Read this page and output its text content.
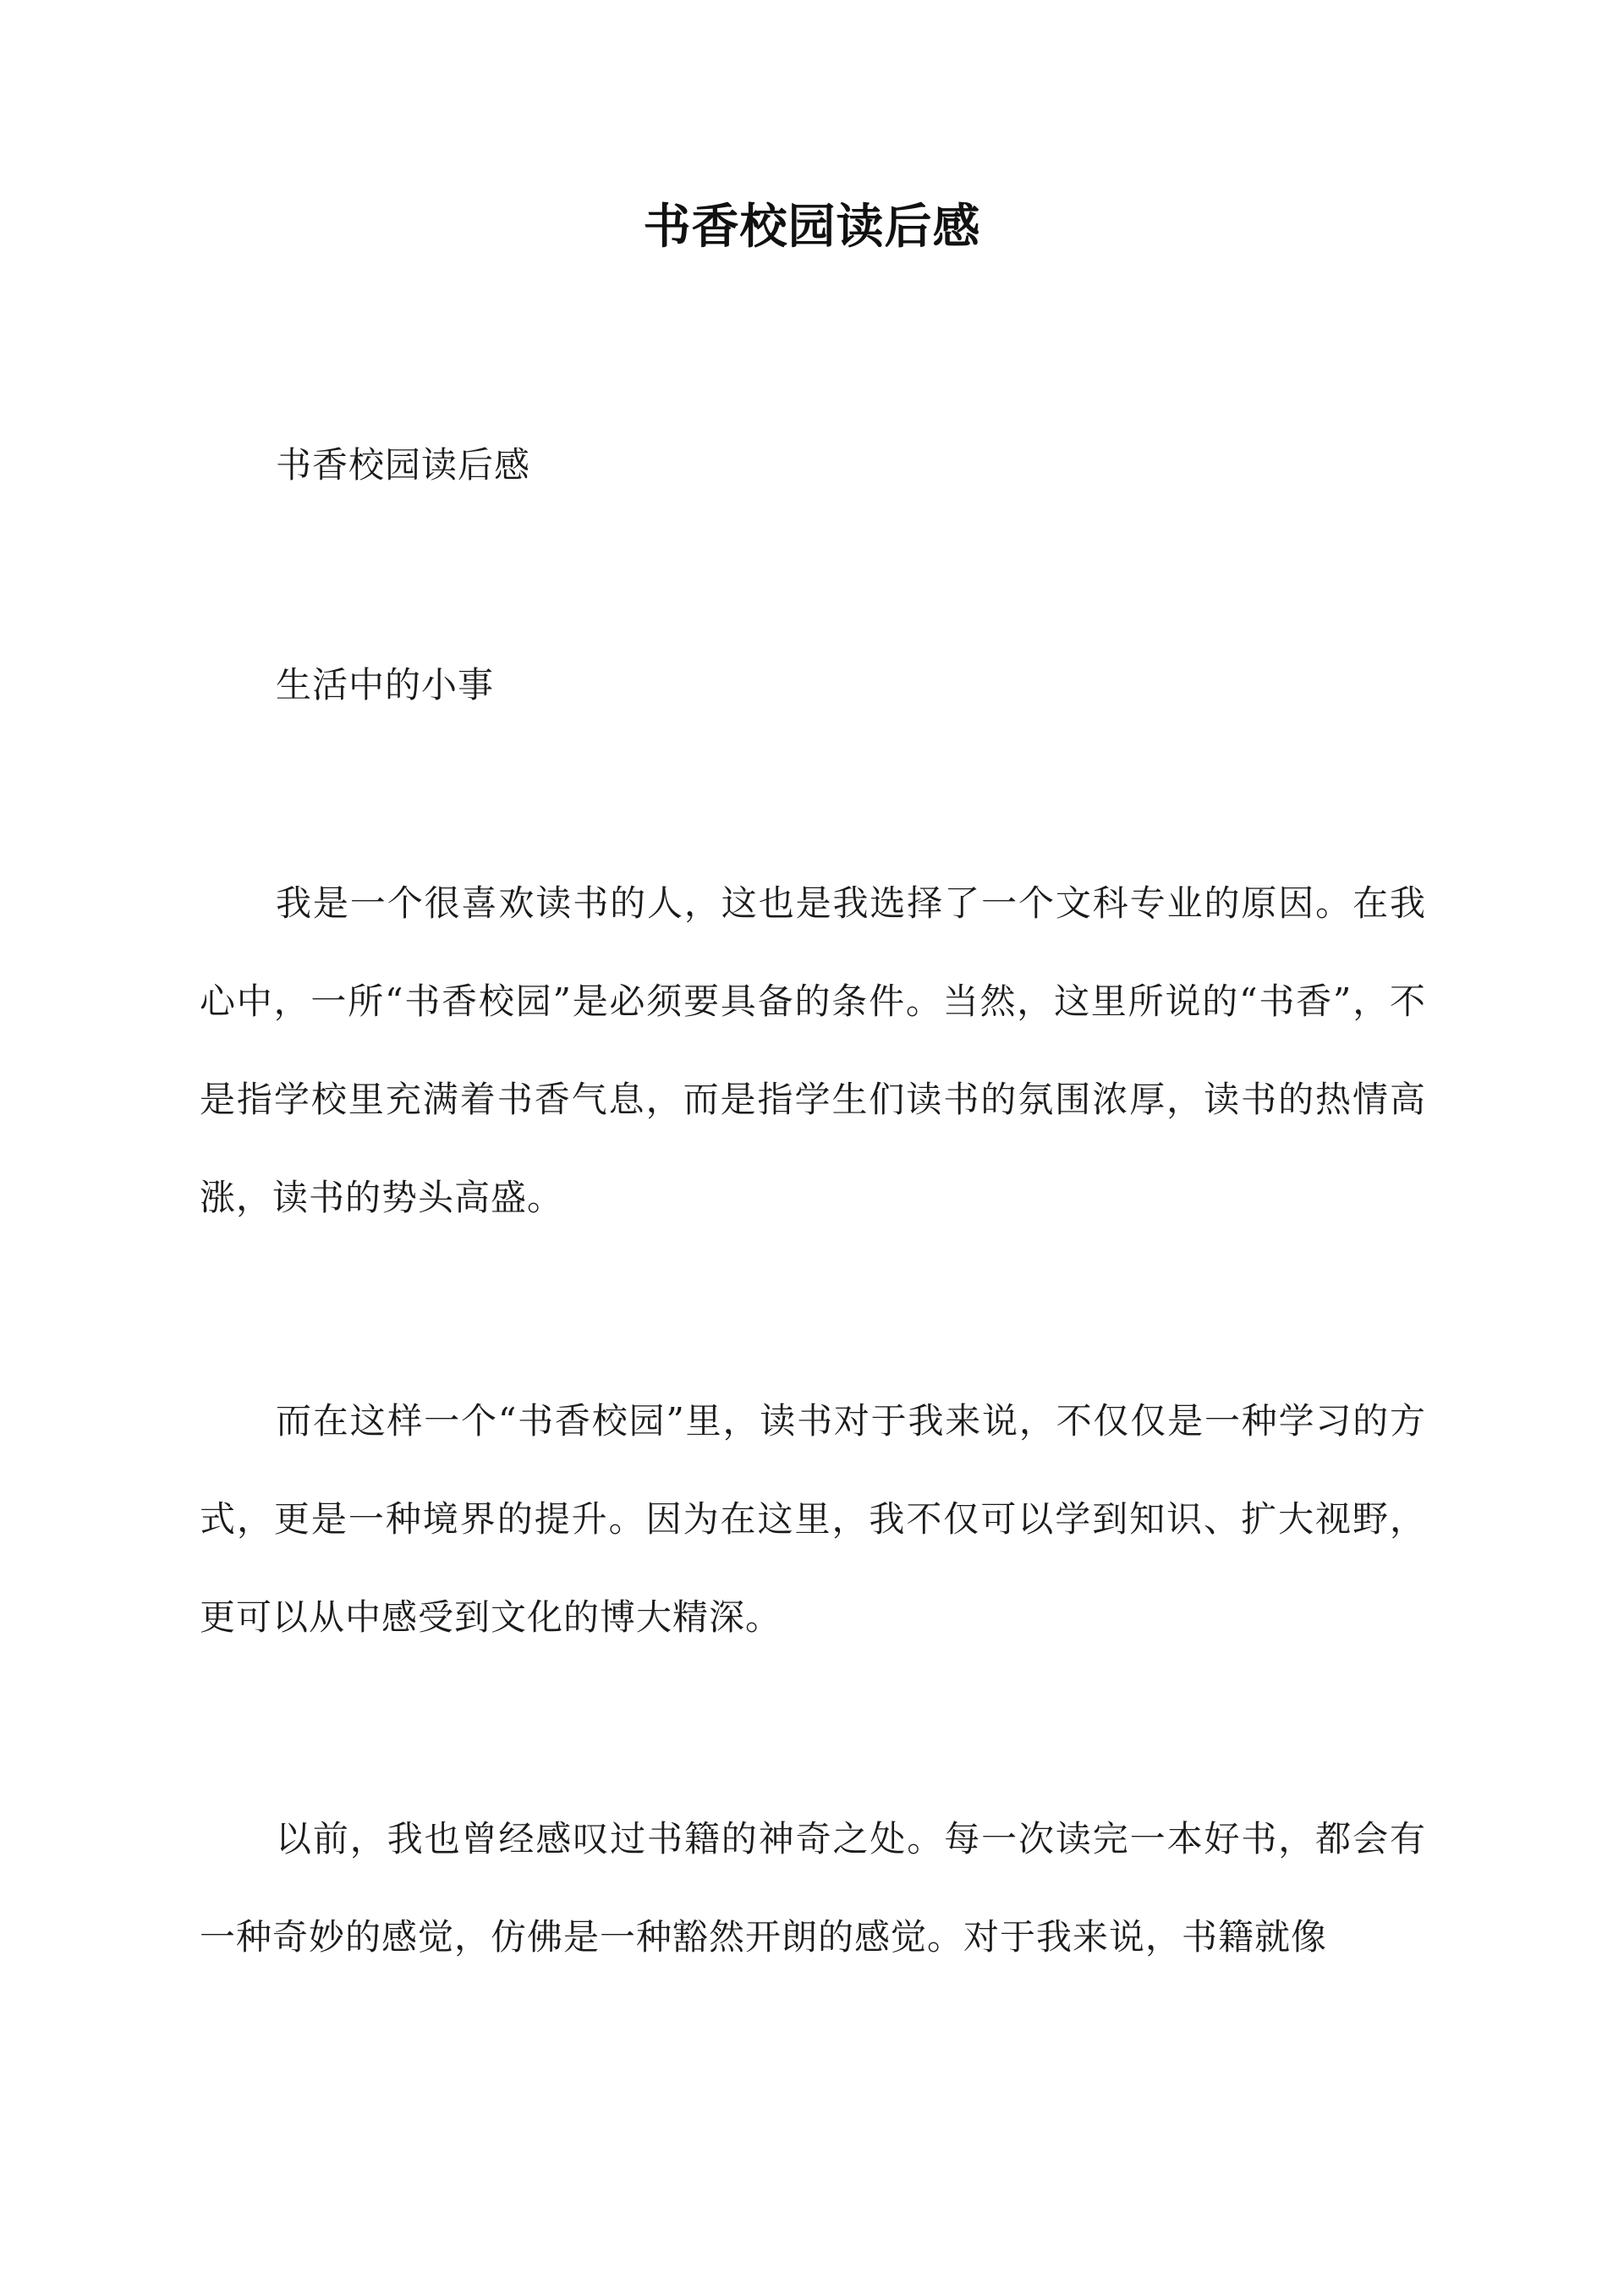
书香校园读后感
书香校园读后感
生活中的小事
我是一个很喜欢读书的人，这也是我选择了一个文科专业的原因。在我心中，一所“书香校园”是必须要具备的条件。当然，这里所说的“书香”，不是指学校里充满着书香气息，而是指学生们读书的氛围浓厚，读书的热情高涨，读书的势头高盛。
而在这样一个“书香校园”里，读书对于我来说，不仅仅是一种学习的方式，更是一种境界的提升。因为在这里，我不仅可以学到知识、扩大视野，更可以从中感受到文化的博大精深。
以前，我也曾经感叹过书籍的神奇之处。每一次读完一本好书，都会有一种奇妙的感觉，仿佛是一种豁然开朗的感觉。对于我来说，书籍就像
